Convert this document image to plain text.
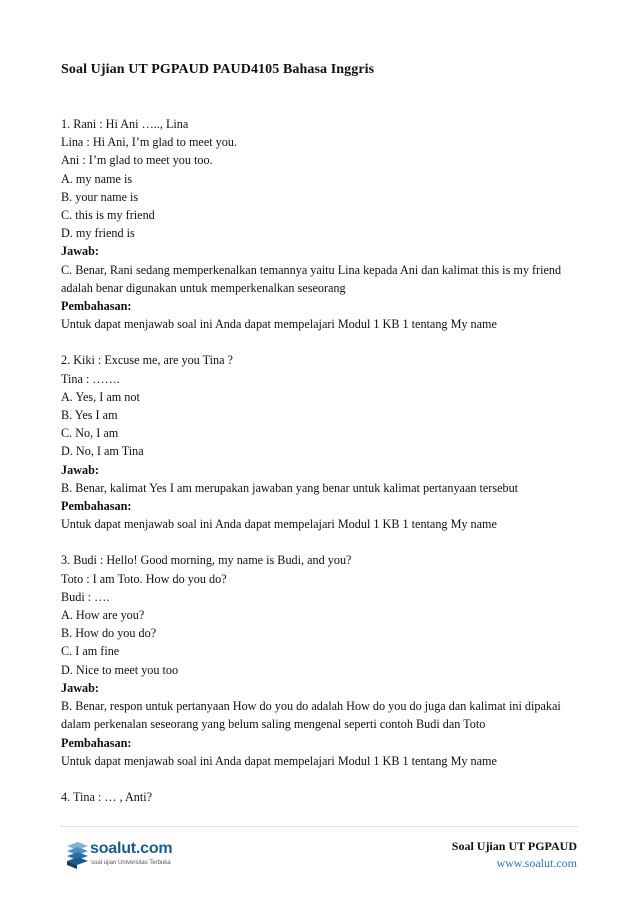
Soal Ujian UT PGPAUD PAUD4105 Bahasa Inggris
1. Rani : Hi Ani ….., Lina
Lina : Hi Ani, I’m glad to meet you.
Ani : I’m glad to meet you too.
A. my name is
B. your name is
C. this is my friend
D. my friend is
Jawab:
C. Benar, Rani sedang memperkenalkan temannya yaitu Lina kepada Ani dan kalimat this is my friend adalah benar digunakan untuk memperkenalkan seseorang
Pembahasan:
Untuk dapat menjawab soal ini Anda dapat mempelajari Modul 1 KB 1 tentang My name
2. Kiki : Excuse me, are you Tina ?
Tina : …….
A. Yes, I am not
B. Yes I am
C. No, I am
D. No, I am Tina
Jawab:
B. Benar, kalimat Yes I am merupakan jawaban yang benar untuk kalimat pertanyaan tersebut
Pembahasan:
Untuk dapat menjawab soal ini Anda dapat mempelajari Modul 1 KB 1 tentang My name
3. Budi : Hello! Good morning, my name is Budi, and you?
Toto : I am Toto. How do you do?
Budi : ….
A. How are you?
B. How do you do?
C. I am fine
D. Nice to meet you too
Jawab:
B. Benar, respon untuk pertanyaan How do you do adalah How do you do juga dan kalimat ini dipakai dalam perkenalan seseorang yang belum saling mengenal seperti contoh Budi dan Toto
Pembahasan:
Untuk dapat menjawab soal ini Anda dapat mempelajari Modul 1 KB 1 tentang My name
4. Tina : … , Anti?
soalut.com
soal ujian Universitas Terbuka
Soal Ujian UT PGPAUD
www.soalut.com
